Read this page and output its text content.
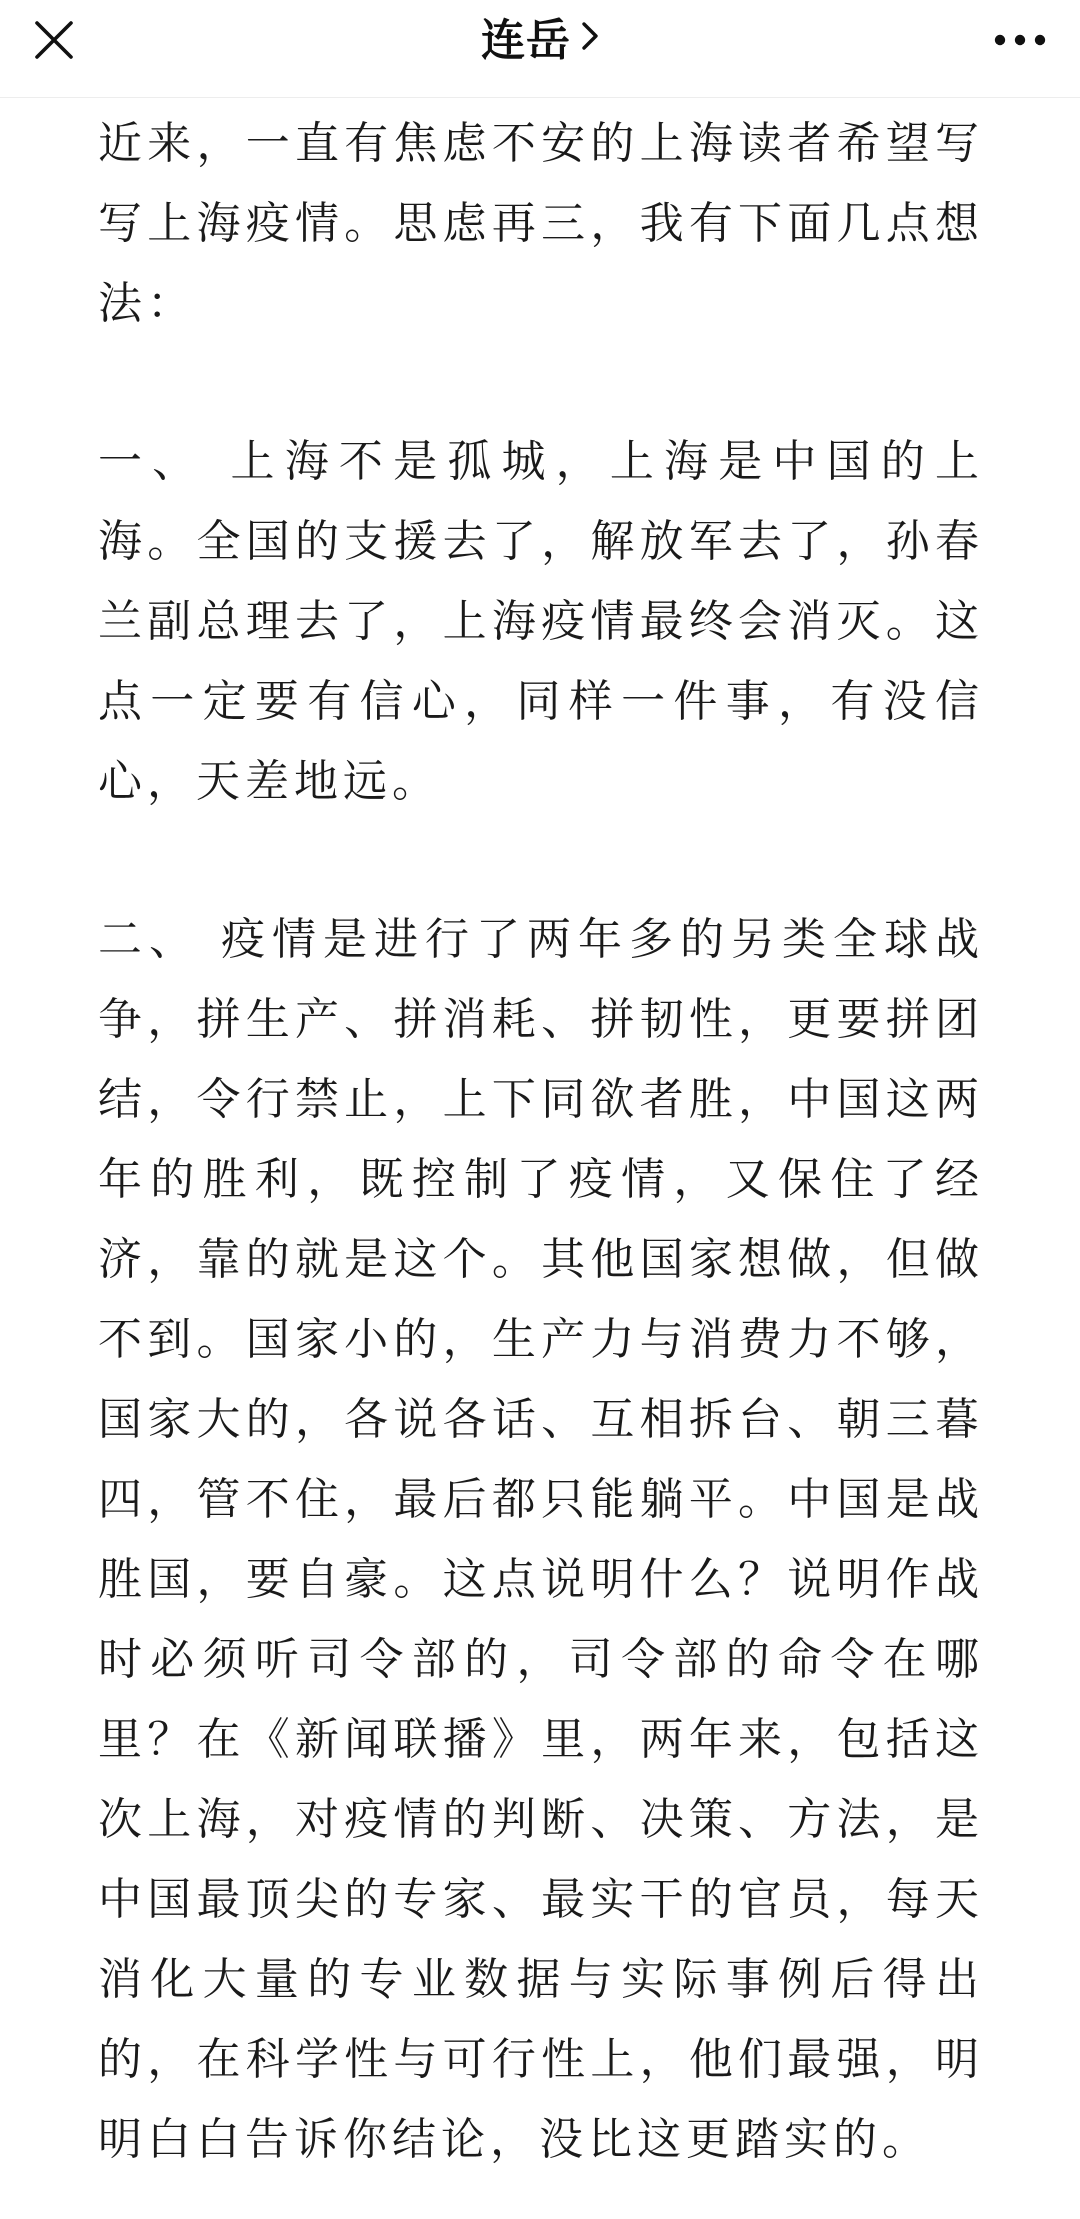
连岳

近来，一直有焦虑不安的上海读者希望写写上海疫情。思虑再三，我有下面几点想法：

一、 上海不是孤城，上海是中国的上海。全国的支援去了，解放军去了，孙春兰副总理去了，上海疫情最终会消灭。这点一定要有信心，同样一件事，有没信心，天差地远。

二、 疫情是进行了两年多的另类全球战争，拼生产、拼消耗、拼韧性，更要拼团结，令行禁止，上下同欲者胜，中国这两年的胜利，既控制了疫情，又保住了经济，靠的就是这个。其他国家想做，但做不到。国家小的，生产力与消费力不够，国家大的，各说各话、互相拆台、朝三暮四，管不住，最后都只能躺平。中国是战胜国，要自豪。这点说明什么？说明作战时必须听司令部的，司令部的命令在哪里？在《新闻联播》里，两年来，包括这次上海，对疫情的判断、决策、方法，是中国最顶尖的专家、最实干的官员，每天消化大量的专业数据与实际事例后得出的，在科学性与可行性上，他们最强，明明白白告诉你结论，没比这更踏实的。
